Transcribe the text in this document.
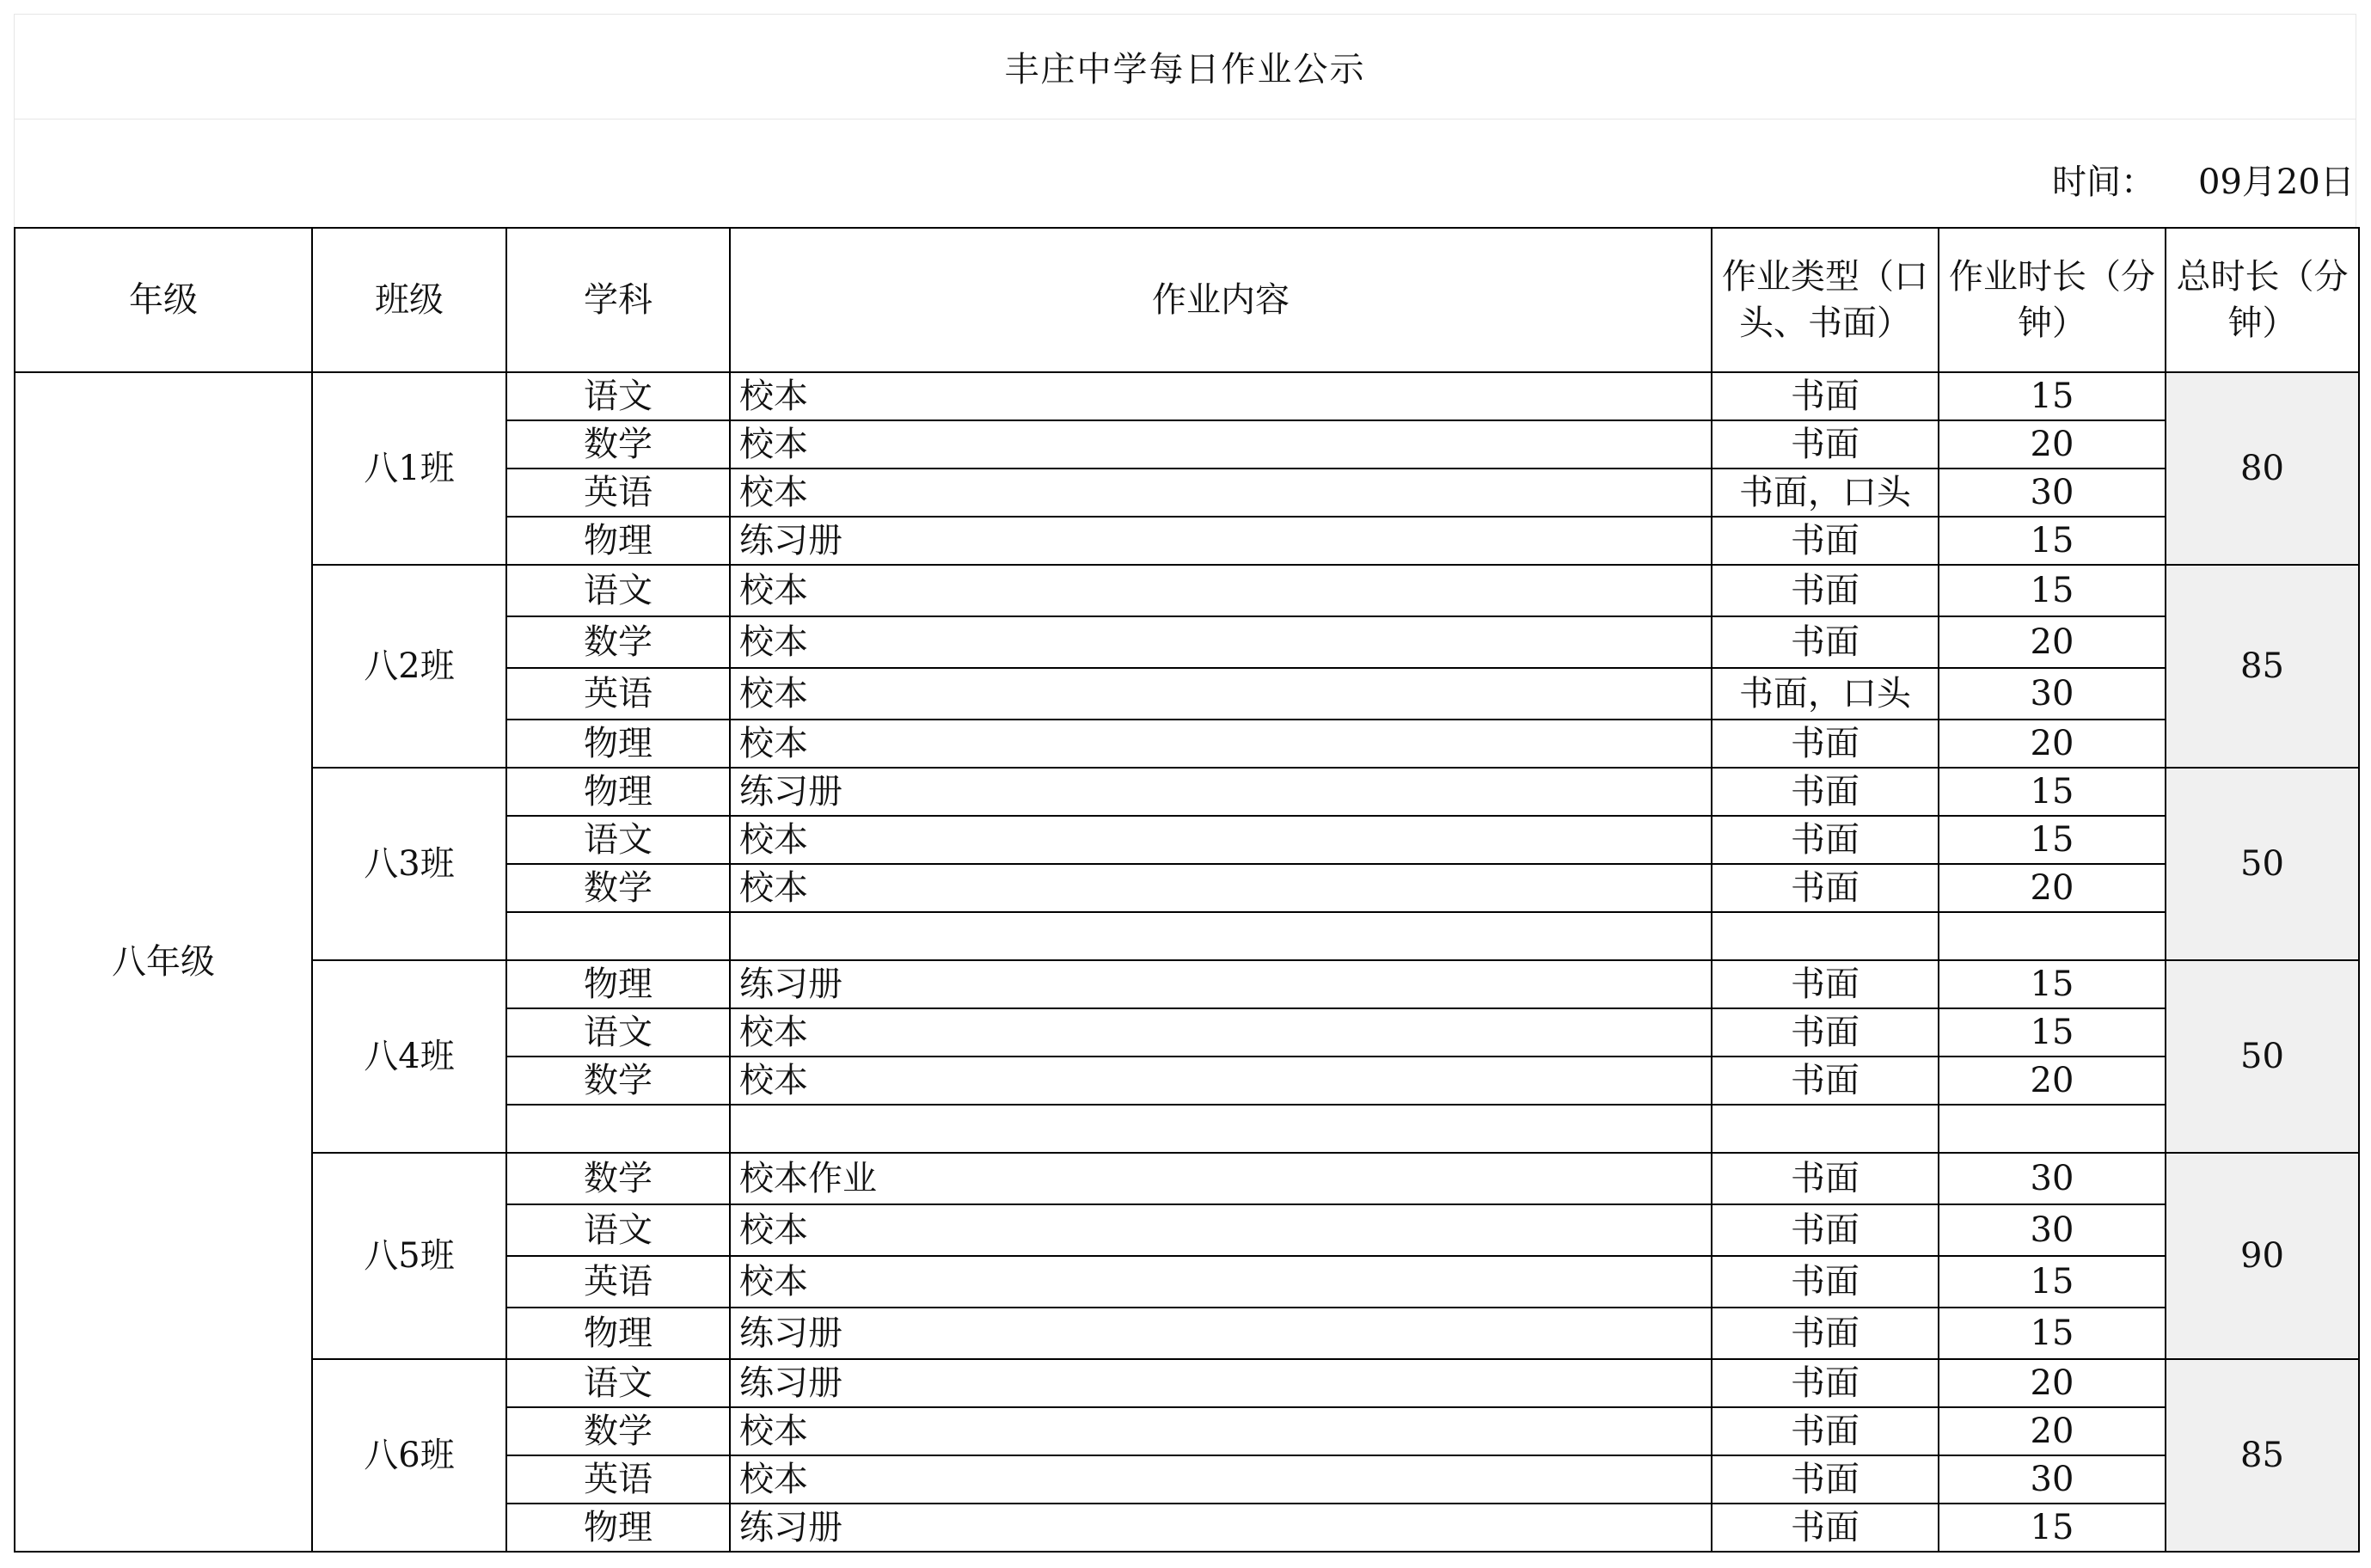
丰庄中学每日作业公示
时间： 09月20日
年级	班级	学科	作业内容	作业类型（口头、书面）	作业时长（分钟）	总时长（分钟）
八年级	八1班	语文	校本	书面	15	80
		数学	校本	书面	20	
		英语	校本	书面，口头	30	
		物理	练习册	书面	15	
	八2班	语文	校本	书面	15	85
		数学	校本	书面	20	
		英语	校本	书面，口头	30	
		物理	校本	书面	20	
	八3班	物理	练习册	书面	15	50
		语文	校本	书面	15	
		数学	校本	书面	20	

	八4班	物理	练习册	书面	15	50
		语文	校本	书面	15	
		数学	校本	书面	20	

	八5班	数学	校本作业	书面	30	90
		语文	校本	书面	30	
		英语	校本	书面	15	
		物理	练习册	书面	15	
	八6班	语文	练习册	书面	20	85
		数学	校本	书面	20	
		英语	校本	书面	30	
		物理	练习册	书面	15	
